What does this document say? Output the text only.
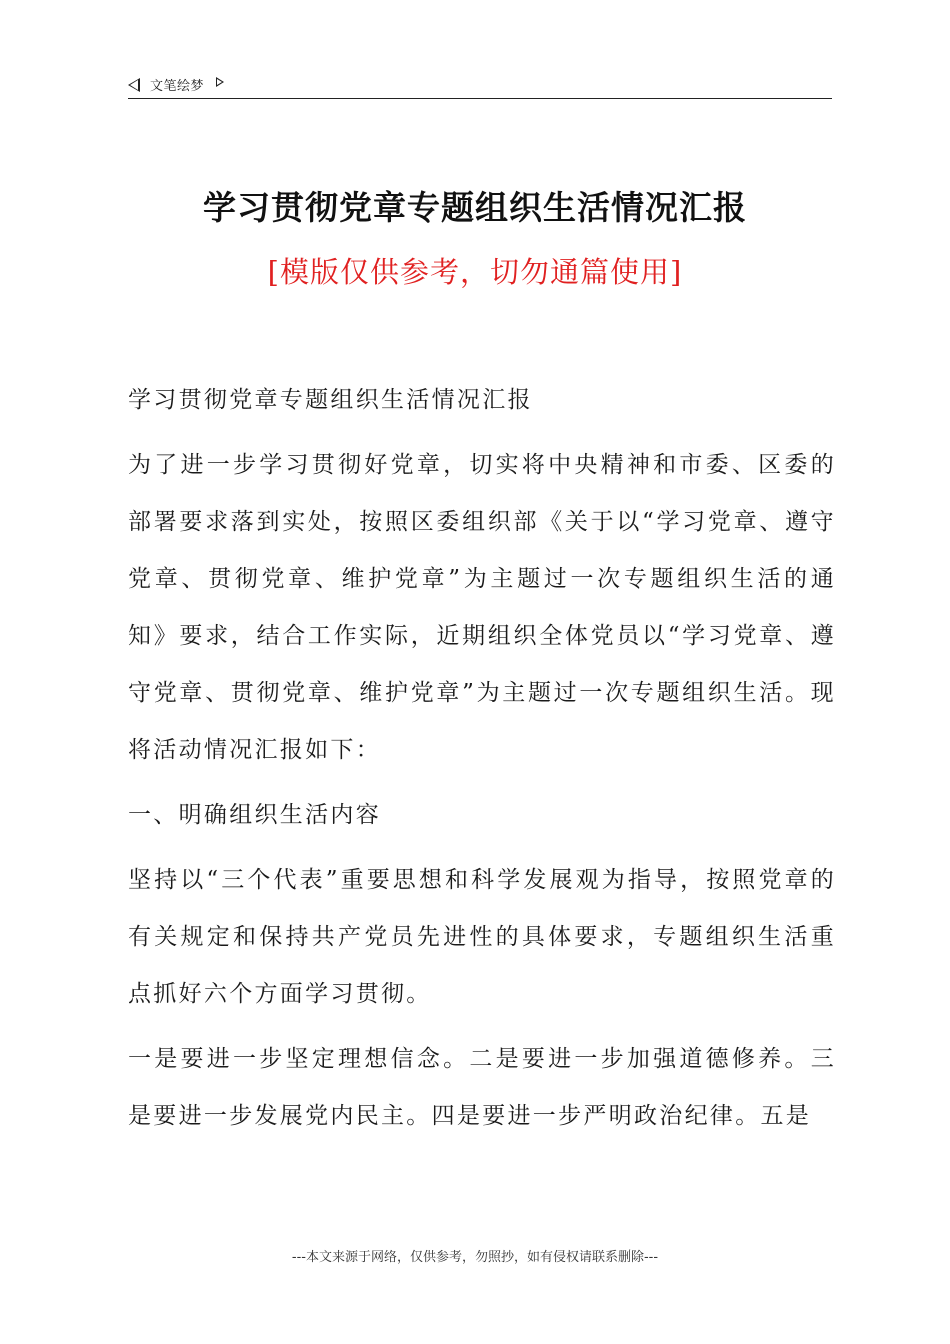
文笔绘梦
学习贯彻党章专题组织生活情况汇报
[模版仅供参考，切勿通篇使用]

学习贯彻党章专题组织生活情况汇报

为了进一步学习贯彻好党章，切实将中央精神和市委、区委的部署要求落到实处，按照区委组织部《关于以“学习党章、遵守党章、贯彻党章、维护党章”为主题过一次专题组织生活的通知》要求，结合工作实际，近期组织全体党员以“学习党章、遵守党章、贯彻党章、维护党章”为主题过一次专题组织生活。现将活动情况汇报如下：

一、明确组织生活内容

坚持以“三个代表”重要思想和科学发展观为指导，按照党章的有关规定和保持共产党员先进性的具体要求，专题组织生活重点抓好六个方面学习贯彻。

一是要进一步坚定理想信念。二是要进一步加强道德修养。三是要进一步发展党内民主。四是要进一步严明政治纪律。五是

---本文来源于网络，仅供参考，勿照抄，如有侵权请联系删除---
